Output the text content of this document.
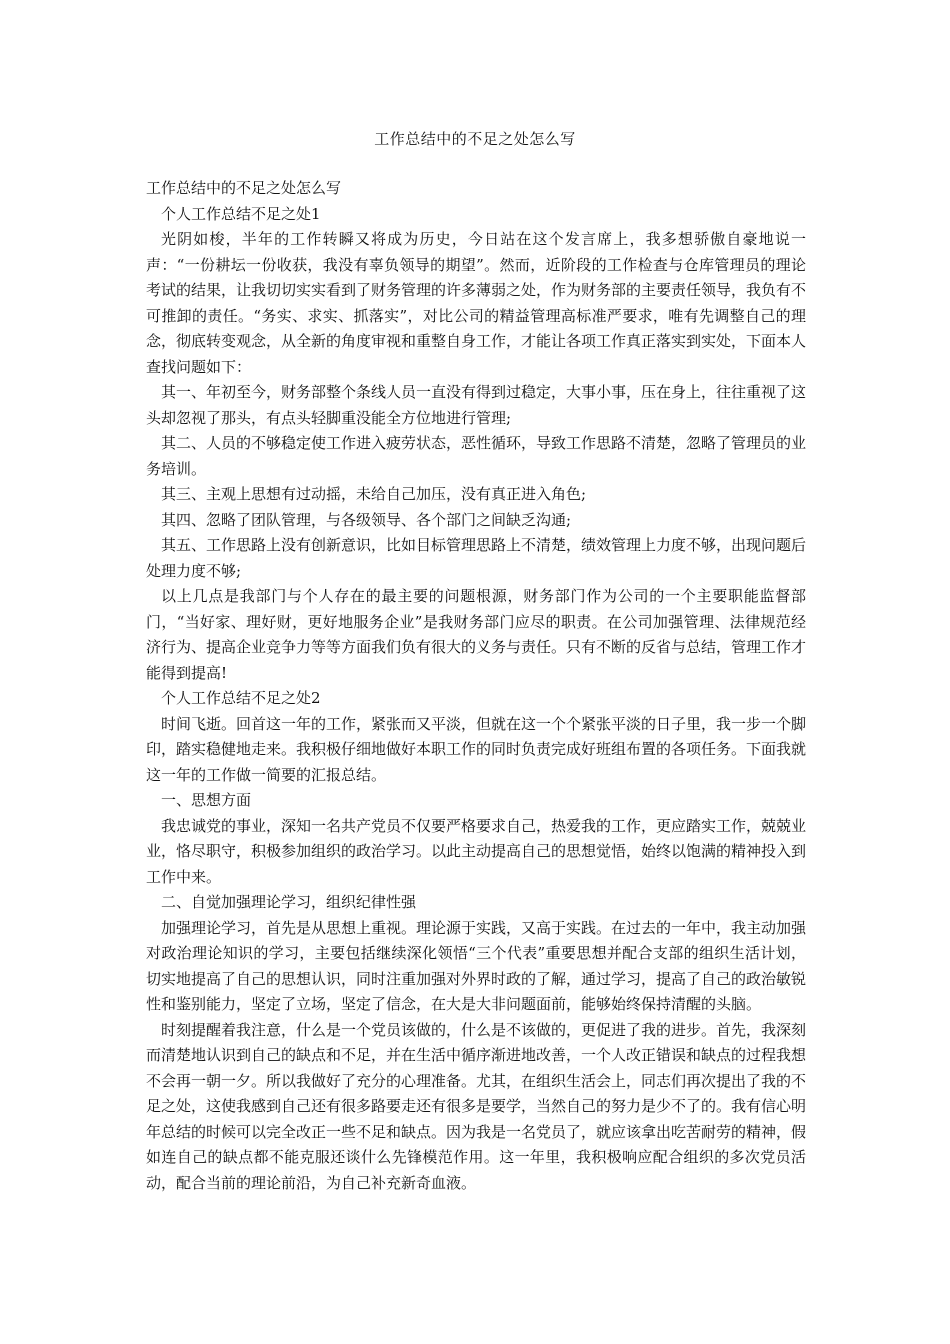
工作总结中的不足之处怎么写

工作总结中的不足之处怎么写

个人工作总结不足之处1

光阴如梭，半年的工作转瞬又将成为历史，今日站在这个发言席上，我多想骄傲自豪地说一声：“一份耕坛一份收获，我没有辜负领导的期望”。然而，近阶段的工作检查与仓库管理员的理论考试的结果，让我切切实实看到了财务管理的许多薄弱之处，作为财务部的主要责任领导，我负有不可推卸的责任。“务实、求实、抓落实”，对比公司的精益管理高标准严要求，唯有先调整自己的理念，彻底转变观念，从全新的角度审视和重整自身工作，才能让各项工作真正落实到实处，下面本人查找问题如下：

其一、年初至今，财务部整个条线人员一直没有得到过稳定，大事小事，压在身上，往往重视了这头却忽视了那头，有点头轻脚重没能全方位地进行管理;

其二、人员的不够稳定使工作进入疲劳状态，恶性循环，导致工作思路不清楚，忽略了管理员的业务培训。

其三、主观上思想有过动摇，未给自己加压，没有真正进入角色;

其四、忽略了团队管理，与各级领导、各个部门之间缺乏沟通;

其五、工作思路上没有创新意识，比如目标管理思路上不清楚，绩效管理上力度不够，出现问题后处理力度不够;

以上几点是我部门与个人存在的最主要的问题根源，财务部门作为公司的一个主要职能监督部门，“当好家、理好财，更好地服务企业”是我财务部门应尽的职责。在公司加强管理、法律规范经济行为、提高企业竞争力等等方面我们负有很大的义务与责任。只有不断的反省与总结，管理工作才能得到提高!

个人工作总结不足之处2

时间飞逝。回首这一年的工作，紧张而又平淡，但就在这一个个紧张平淡的日子里，我一步一个脚印，踏实稳健地走来。我积极仔细地做好本职工作的同时负责完成好班组布置的各项任务。下面我就这一年的工作做一简要的汇报总结。

一、思想方面

我忠诚党的事业，深知一名共产党员不仅要严格要求自己，热爱我的工作，更应踏实工作，兢兢业业，恪尽职守，积极参加组织的政治学习。以此主动提高自己的思想觉悟，始终以饱满的精神投入到工作中来。

二、自觉加强理论学习，组织纪律性强

加强理论学习，首先是从思想上重视。理论源于实践，又高于实践。在过去的一年中，我主动加强对政治理论知识的学习，主要包括继续深化领悟“三个代表”重要思想并配合支部的组织生活计划，切实地提高了自己的思想认识，同时注重加强对外界时政的了解，通过学习，提高了自己的政治敏锐性和鉴别能力，坚定了立场，坚定了信念，在大是大非问题面前，能够始终保持清醒的头脑。

时刻提醒着我注意，什么是一个党员该做的，什么是不该做的，更促进了我的进步。首先，我深刻而清楚地认识到自己的缺点和不足，并在生活中循序渐进地改善，一个人改正错误和缺点的过程我想不会再一朝一夕。所以我做好了充分的心理准备。尤其，在组织生活会上，同志们再次提出了我的不足之处，这使我感到自己还有很多路要走还有很多是要学，当然自己的努力是少不了的。我有信心明年总结的时候可以完全改正一些不足和缺点。因为我是一名党员了，就应该拿出吃苦耐劳的精神，假如连自己的缺点都不能克服还谈什么先锋模范作用。这一年里，我积极响应配合组织的多次党员活动，配合当前的理论前沿，为自己补充新奇血液。
